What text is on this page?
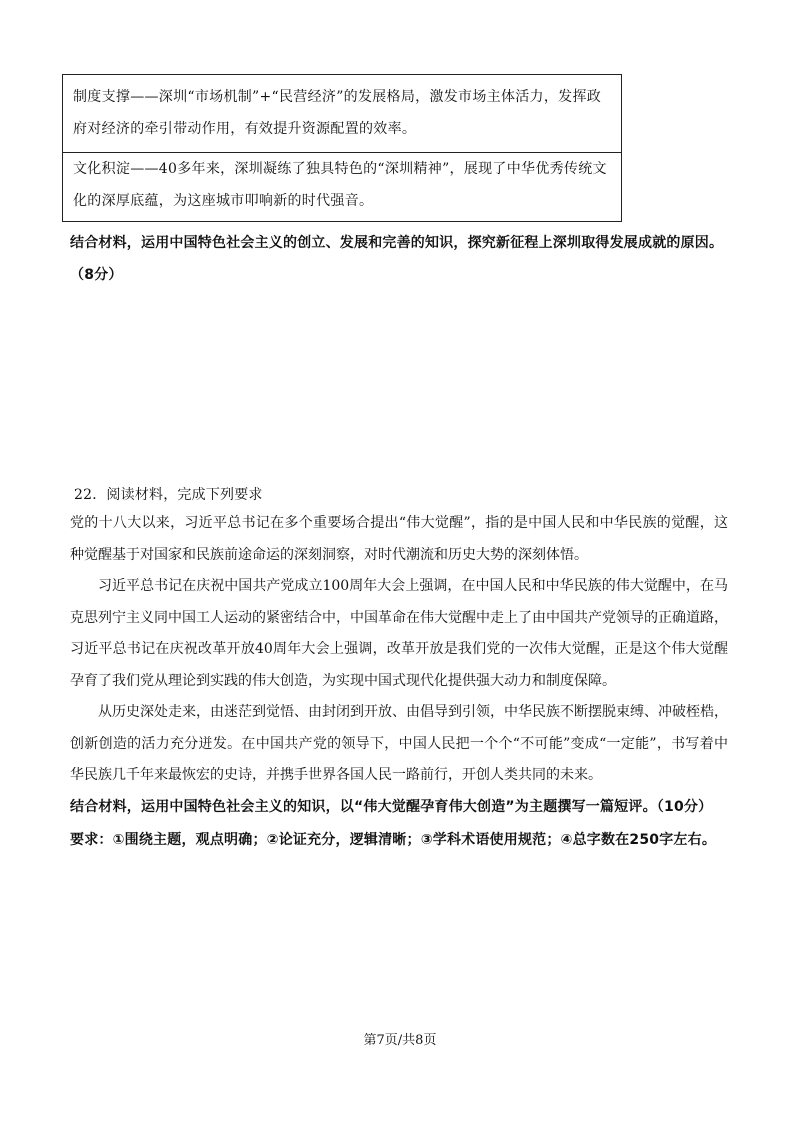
制度支撑——深圳“市场机制”+“民营经济”的发展格局，激发市场主体活力，发挥政府对经济的牵引带动作用，有效提升资源配置的效率。
文化积淀——40多年来，深圳凝练了独具特色的“深圳精神”，展现了中华优秀传统文化的深厚底蕴，为这座城市叩响新的时代强音。
结合材料，运用中国特色社会主义的创立、发展和完善的知识，探究新征程上深圳取得发展成就的原因。
（8分）
22．阅读材料，完成下列要求
党的十八大以来，习近平总书记在多个重要场合提出“伟大觉醒”，指的是中国人民和中华民族的觉醒，这种觉醒基于对国家和民族前途命运的深刻洞察，对时代潮流和历史大势的深刻体悟。
习近平总书记在庆祝中国共产党成立100周年大会上强调，在中国人民和中华民族的伟大觉醒中，在马克思列宁主义同中国工人运动的紧密结合中，中国革命在伟大觉醒中走上了由中国共产党领导的正确道路，习近平总书记在庆祝改革开放40周年大会上强调，改革开放是我们党的一次伟大觉醒，正是这个伟大觉醒孕育了我们党从理论到实践的伟大创造，为实现中国式现代化提供强大动力和制度保障。
从历史深处走来，由迷茫到觉悟、由封闭到开放、由倡导到引领，中华民族不断摆脱束缚、冲破桎梏，创新创造的活力充分迸发。在中国共产党的领导下，中国人民把一个个“不可能”变成“一定能”，书写着中华民族几千年来最恢宏的史诗，并携手世界各国人民一路前行，开创人类共同的未来。
结合材料，运用中国特色社会主义的知识，以“伟大觉醒孕育伟大创造”为主题撰写一篇短评。（10分）
要求：①围绕主题，观点明确；②论证充分，逻辑清晰；③学科术语使用规范；④总字数在250字左右。
第7页/共8页
